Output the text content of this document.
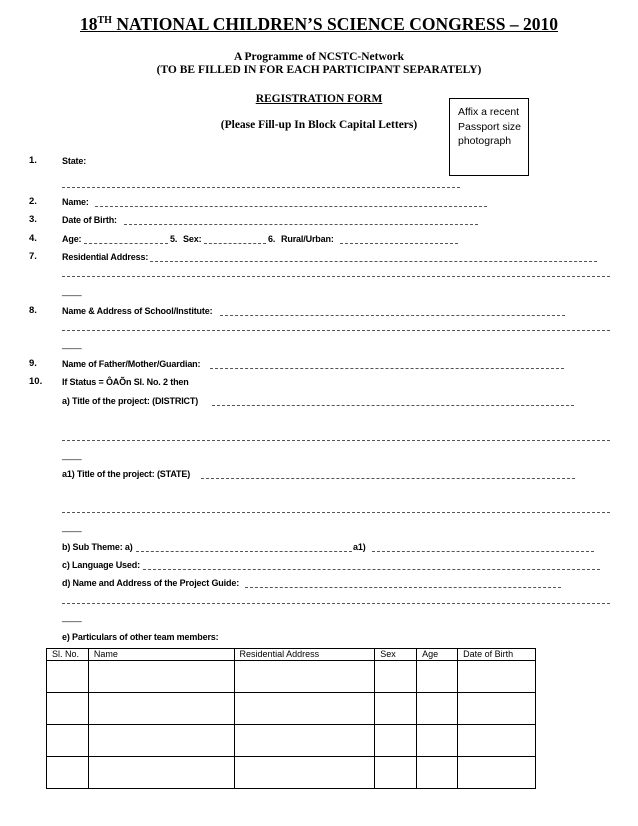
18TH NATIONAL CHILDREN’S SCIENCE CONGRESS – 2010
A Programme of NCSTC-Network
(TO BE FILLED IN FOR EACH PARTICIPANT SEPARATELY)
REGISTRATION FORM
(Please Fill-up In Block Capital Letters)
Affix a recent
Passport size
photograph
1.	State:
2.	Name:
3.	Date of Birth:
4.	Age:	5. Sex:	6. Rural/Urban:
7.	Residential Address:
____
8.	Name & Address of School/Institute:
____
9.	Name of Father/Mother/Guardian:
10. If Status = ÔAÕn Sl. No. 2 then
a) Title of the project: (DISTRICT)
____
a1) Title of the project: (STATE)
____
b) Sub Theme: a)	a1)
c) Language Used:
d) Name and Address of the Project Guide:
____
e) Particulars of other team members:
Sl. No.	Name	Residential Address	Sex	Age	Date of Birth
